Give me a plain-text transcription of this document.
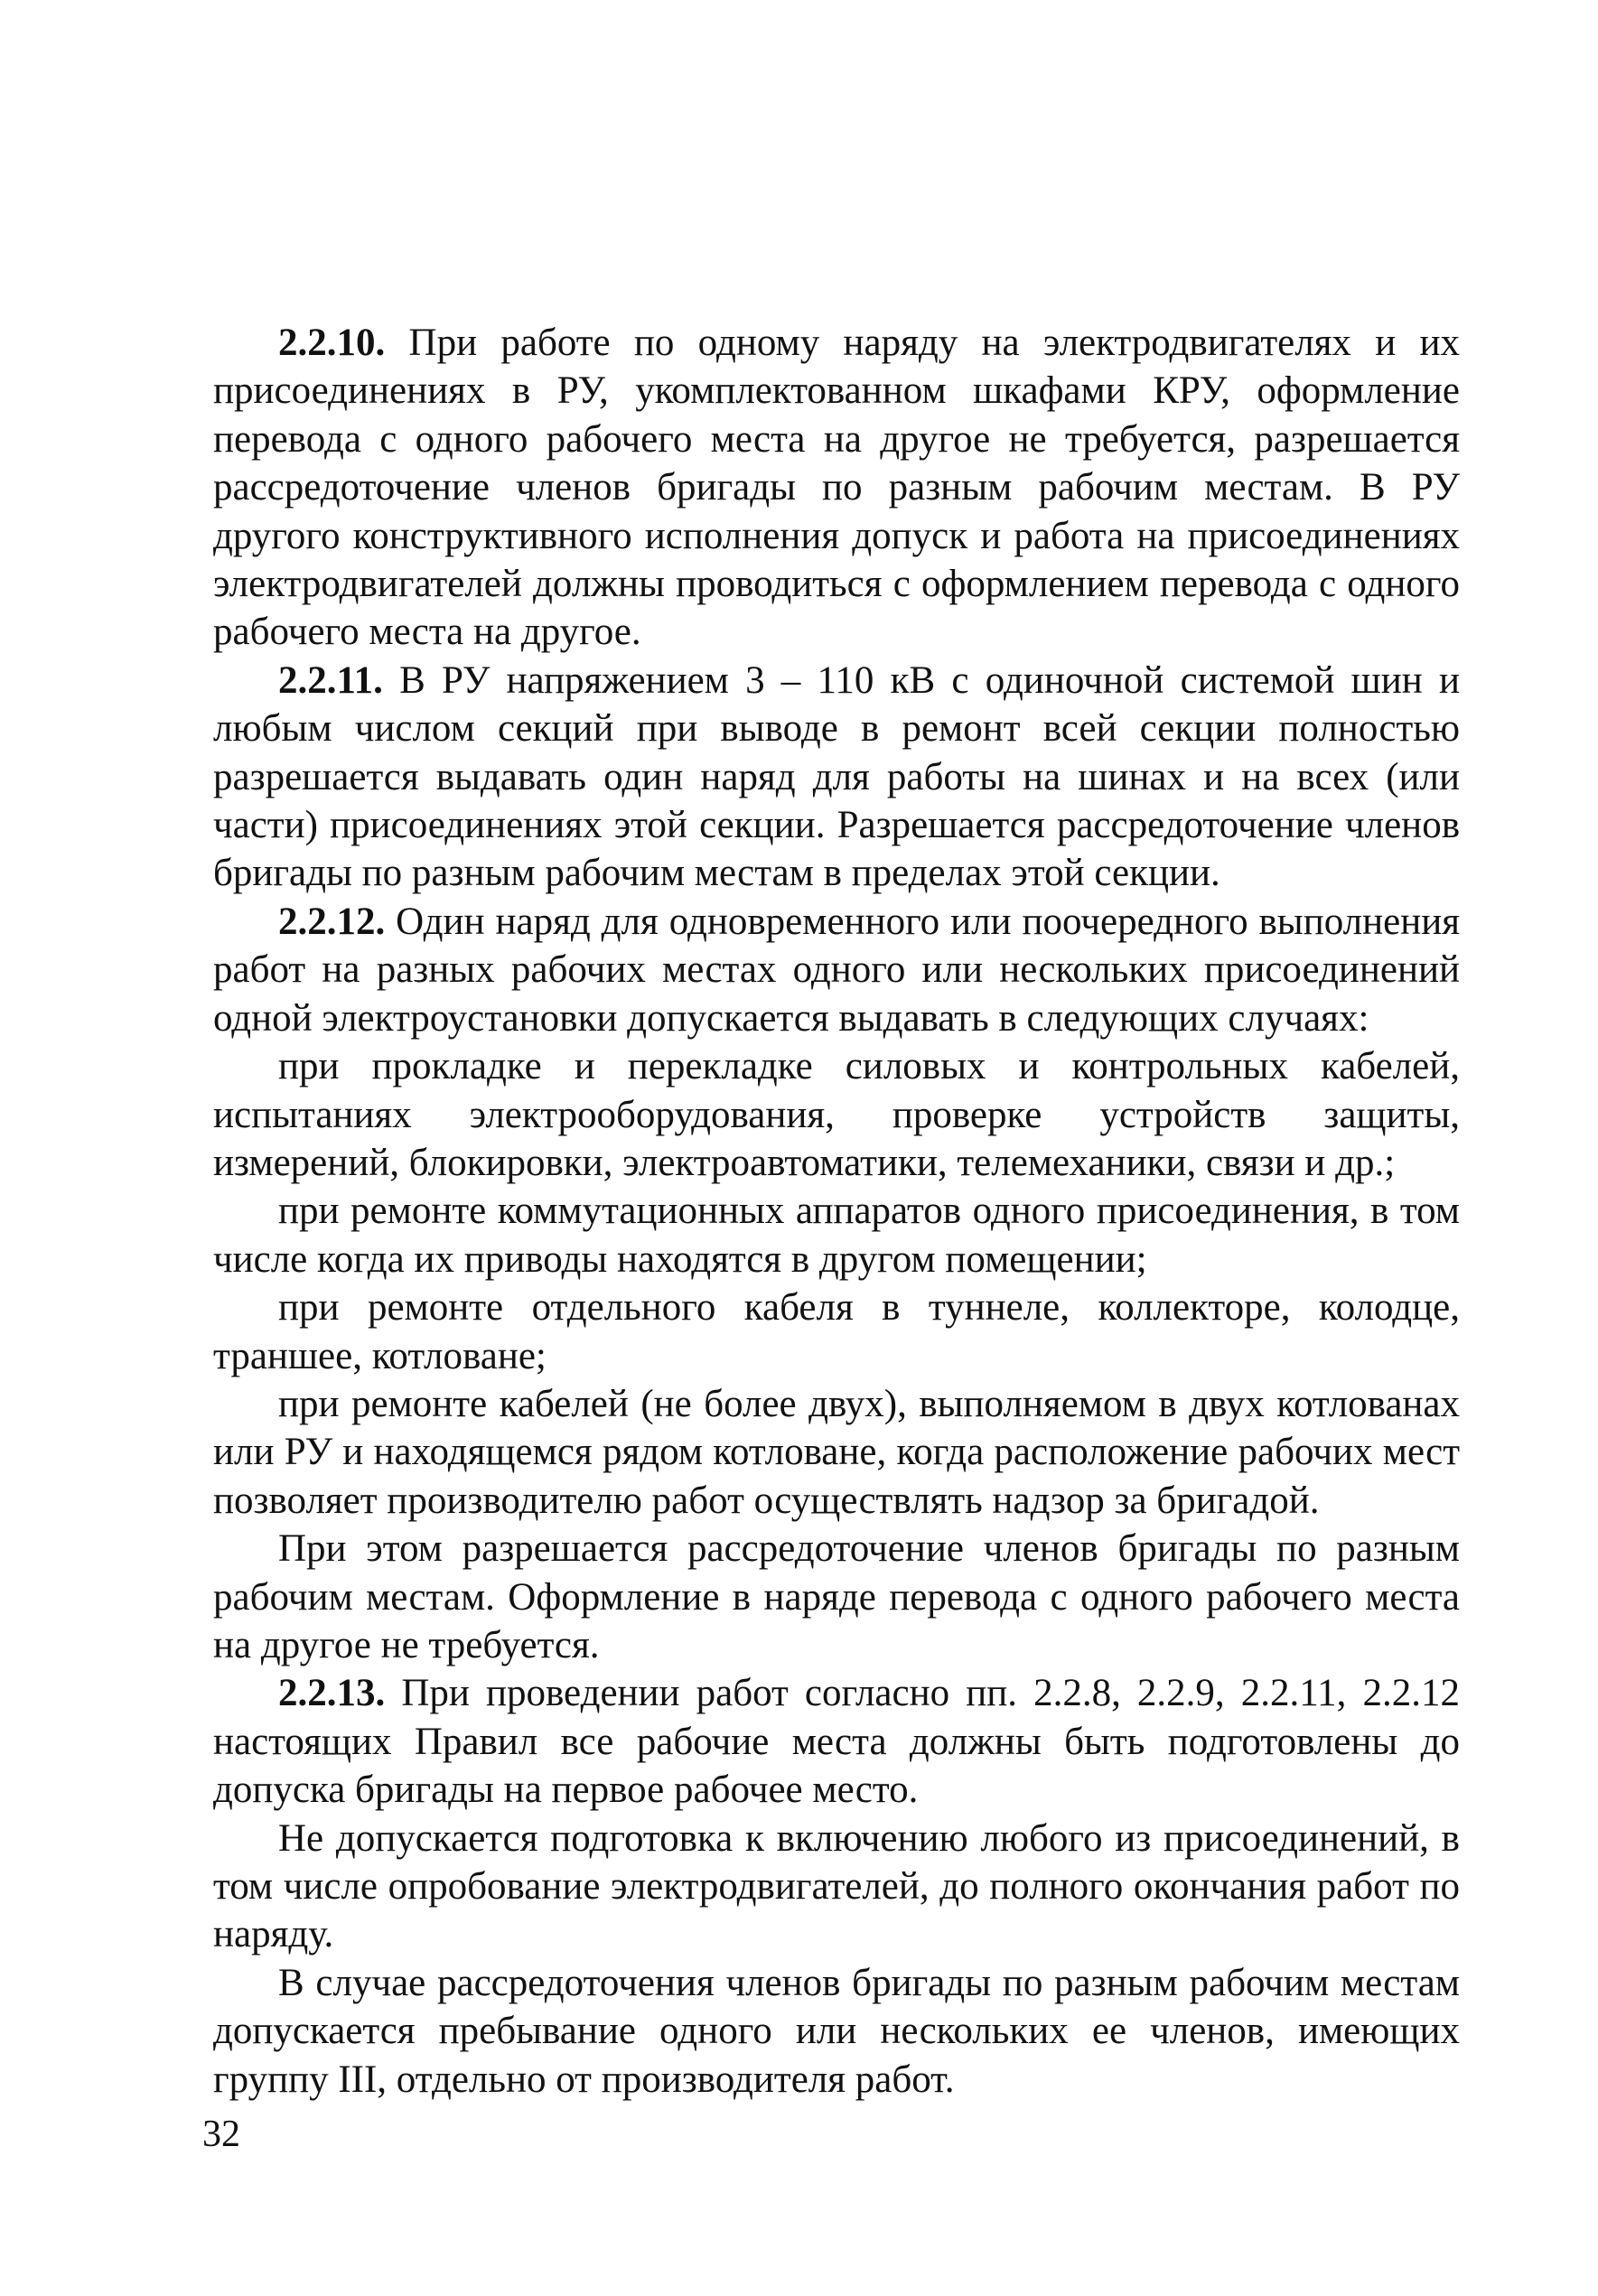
2.2.10. При работе по одному наряду на электродвигателях и их присоединениях в РУ, укомплектованном шкафами КРУ, оформление перевода с одного рабочего места на другое не требуется, разрешается рассредоточение членов бригады по разным рабочим местам. В РУ другого конструктивного исполнения допуск и работа на присоединениях электродвигателей должны проводиться с оформлением перевода с одного рабочего места на другое.

2.2.11. В РУ напряжением 3 – 110 кВ с одиночной системой шин и любым числом секций при выводе в ремонт всей секции полностью разрешается выдавать один наряд для работы на шинах и на всех (или части) присоединениях этой секции. Разрешается рассредоточение членов бригады по разным рабочим местам в пределах этой секции.

2.2.12. Один наряд для одновременного или поочередного выполнения работ на разных рабочих местах одного или нескольких присоединений одной электроустановки допускается выдавать в следующих случаях:

при прокладке и перекладке силовых и контрольных кабелей, испытаниях электрооборудования, проверке устройств защиты, измерений, блокировки, электроавтоматики, телемеханики, связи и др.;

при ремонте коммутационных аппаратов одного присоединения, в том числе когда их приводы находятся в другом помещении;

при ремонте отдельного кабеля в туннеле, коллекторе, колодце, траншее, котловане;

при ремонте кабелей (не более двух), выполняемом в двух котлованах или РУ и находящемся рядом котловане, когда расположение рабочих мест позволяет производителю работ осуществлять надзор за бригадой.

При этом разрешается рассредоточение членов бригады по разным рабочим местам. Оформление в наряде перевода с одного рабочего места на другое не требуется.

2.2.13. При проведении работ согласно пп. 2.2.8, 2.2.9, 2.2.11, 2.2.12 настоящих Правил все рабочие места должны быть подготовлены до допуска бригады на первое рабочее место.

Не допускается подготовка к включению любого из присоединений, в том числе опробование электродвигателей, до полного окончания работ по наряду.

В случае рассредоточения членов бригады по разным рабочим местам допускается пребывание одного или нескольких ее членов, имеющих группу III, отдельно от производителя работ.

32
